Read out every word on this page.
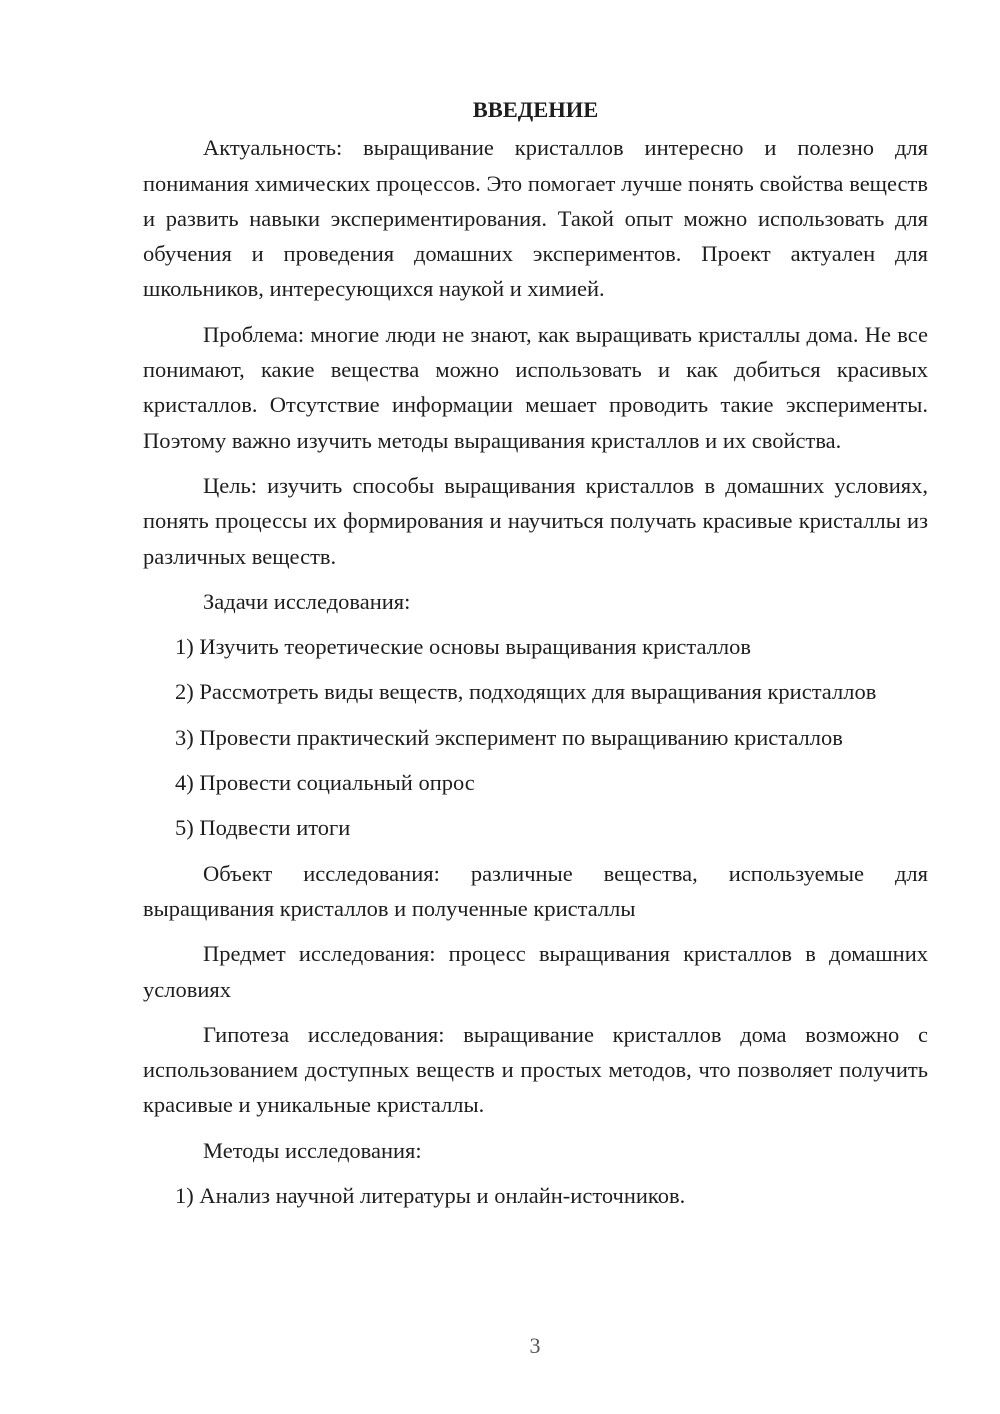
ВВЕДЕНИЕ

Актуальность: выращивание кристаллов интересно и полезно для понимания химических процессов. Это помогает лучше понять свойства веществ и развить навыки экспериментирования. Такой опыт можно использовать для обучения и проведения домашних экспериментов. Проект актуален для школьников, интересующихся наукой и химией.

Проблема: многие люди не знают, как выращивать кристаллы дома. Не все понимают, какие вещества можно использовать и как добиться красивых кристаллов. Отсутствие информации мешает проводить такие эксперименты. Поэтому важно изучить методы выращивания кристаллов и их свойства.

Цель: изучить способы выращивания кристаллов в домашних условиях, понять процессы их формирования и научиться получать красивые кристаллы из различных веществ.

Задачи исследования:

1) Изучить теоретические основы выращивания кристаллов

2) Рассмотреть виды веществ, подходящих для выращивания кристаллов

3) Провести практический эксперимент по выращиванию кристаллов

4) Провести социальный опрос

5) Подвести итоги

Объект исследования: различные вещества, используемые для выращивания кристаллов и полученные кристаллы

Предмет исследования: процесс выращивания кристаллов в домашних условиях

Гипотеза исследования: выращивание кристаллов дома возможно с использованием доступных веществ и простых методов, что позволяет получить красивые и уникальные кристаллы.

Методы исследования:

1) Анализ научной литературы и онлайн-источников.

3
